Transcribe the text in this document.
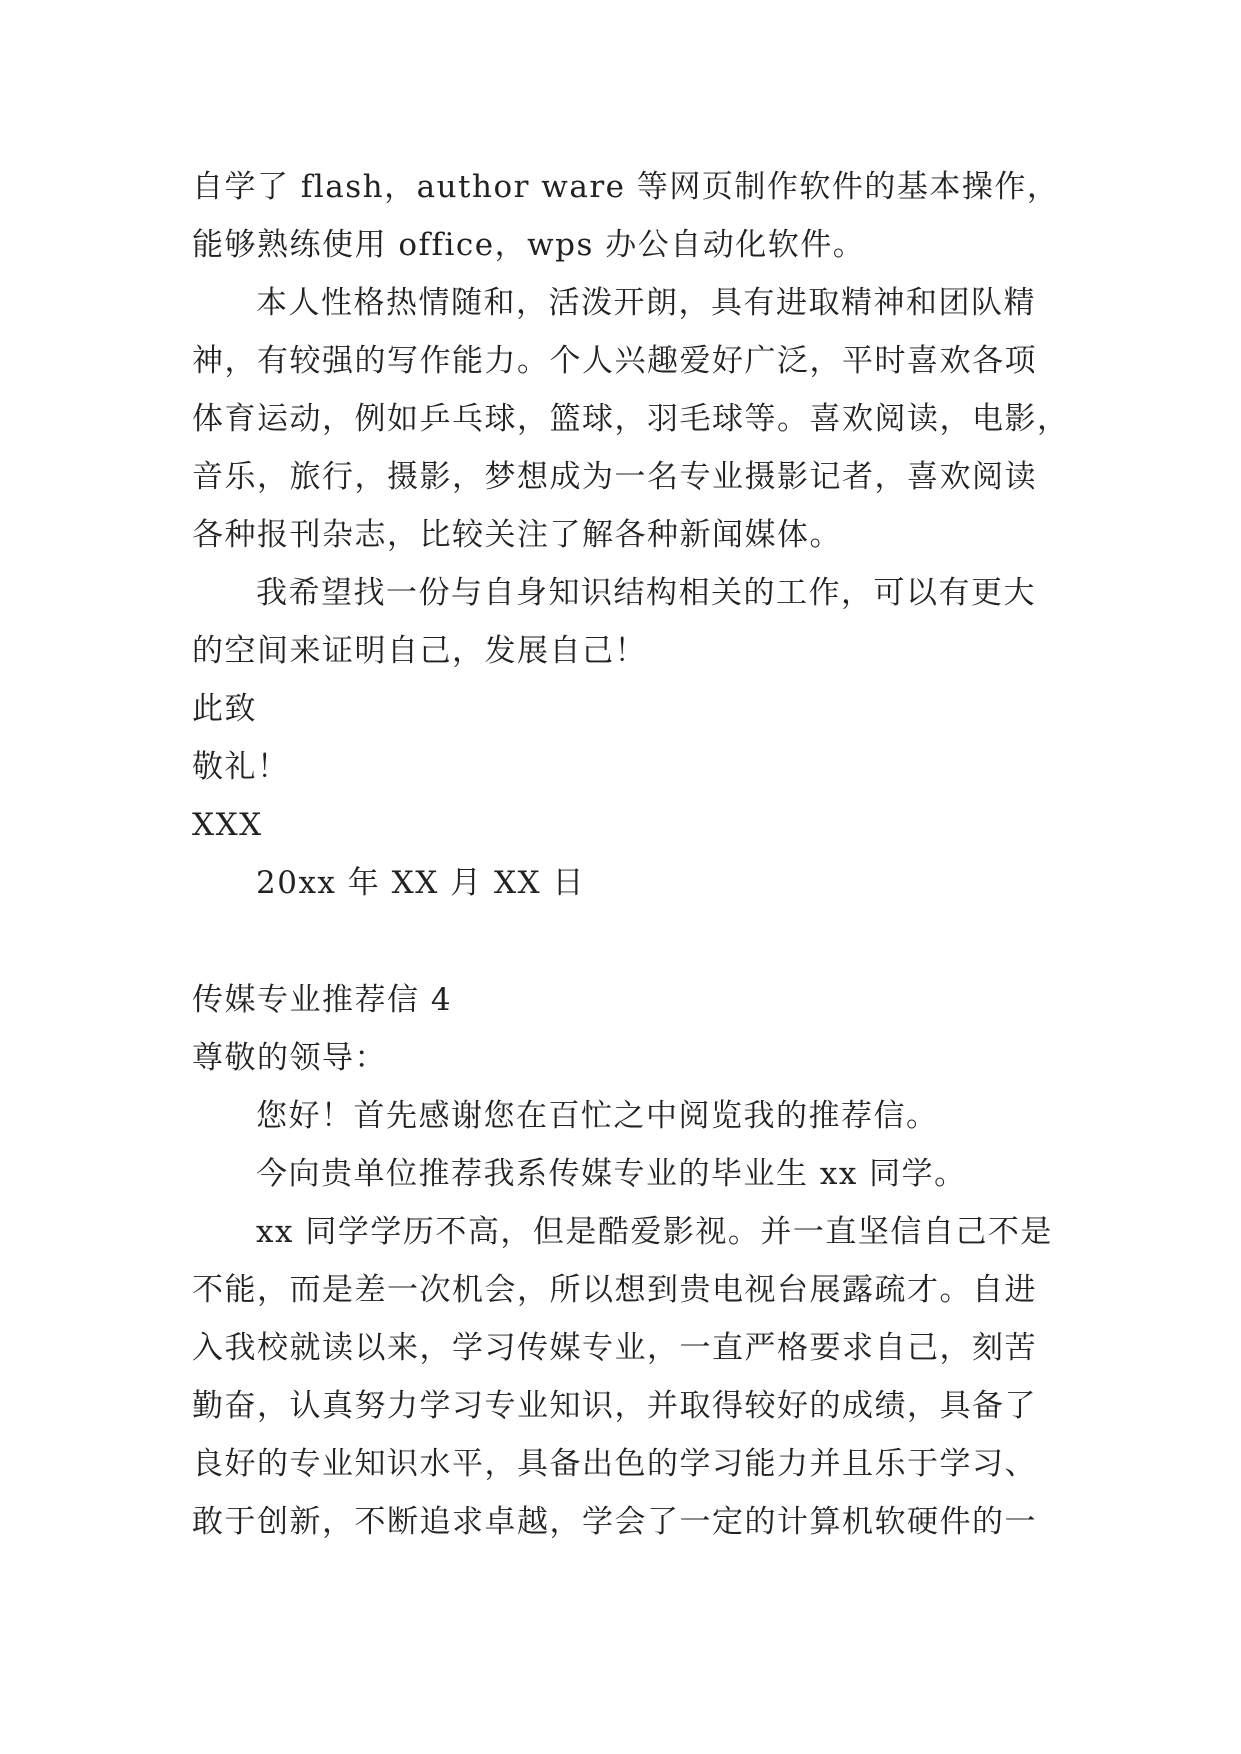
自学了 flash，author ware 等网页制作软件的基本操作，
能够熟练使用 office，wps 办公自动化软件。
本人性格热情随和，活泼开朗，具有进取精神和团队精
神，有较强的写作能力。个人兴趣爱好广泛，平时喜欢各项
体育运动，例如乒乓球，篮球，羽毛球等。喜欢阅读，电影，
音乐，旅行，摄影，梦想成为一名专业摄影记者，喜欢阅读
各种报刊杂志，比较关注了解各种新闻媒体。
我希望找一份与自身知识结构相关的工作，可以有更大
的空间来证明自己，发展自己！
此致
敬礼！
XXX
20xx 年 XX 月 XX 日
传媒专业推荐信 4
尊敬的领导：
您好！首先感谢您在百忙之中阅览我的推荐信。
今向贵单位推荐我系传媒专业的毕业生 xx 同学。
xx 同学学历不高，但是酷爱影视。并一直坚信自己不是
不能，而是差一次机会，所以想到贵电视台展露疏才。自进
入我校就读以来，学习传媒专业，一直严格要求自己，刻苦
勤奋，认真努力学习专业知识，并取得较好的成绩，具备了
良好的专业知识水平，具备出色的学习能力并且乐于学习、
敢于创新，不断追求卓越，学会了一定的计算机软硬件的一
